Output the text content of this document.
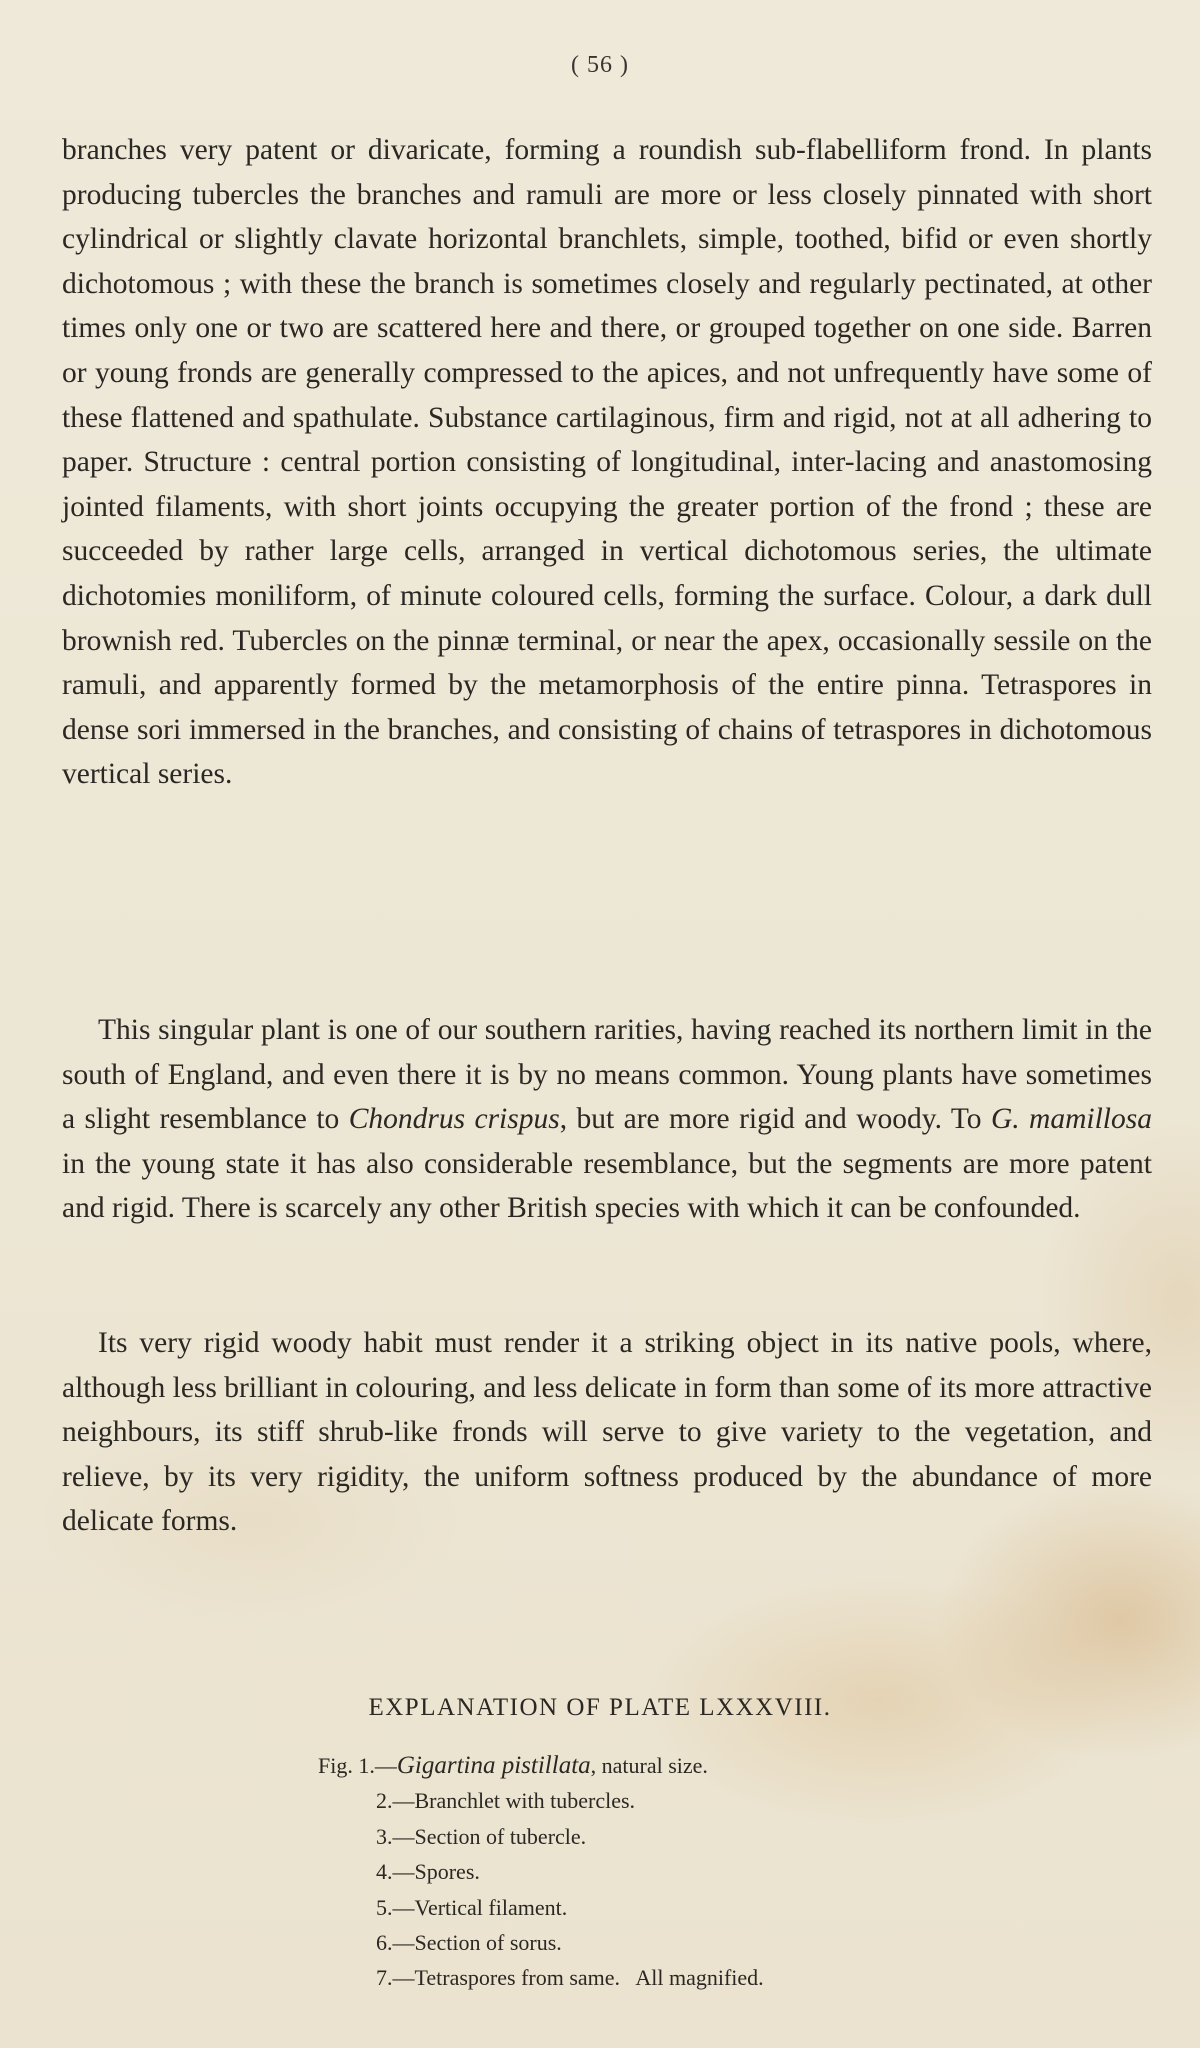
( 56 )

branches very patent or divaricate, forming a roundish sub-flabelliform frond. In plants producing tubercles the branches and ramuli are more or less closely pinnated with short cylindrical or slightly clavate horizontal branchlets, simple, toothed, bifid or even shortly dichotomous ; with these the branch is sometimes closely and regularly pectinated, at other times only one or two are scattered here and there, or grouped together on one side. Barren or young fronds are generally compressed to the apices, and not unfrequently have some of these flattened and spathulate. Substance cartilaginous, firm and rigid, not at all adhering to paper. Structure : central portion consisting of longitudinal, inter-lacing and anastomosing jointed filaments, with short joints occupying the greater portion of the frond ; these are succeeded by rather large cells, arranged in vertical dichotomous series, the ultimate dichotomies moniliform, of minute coloured cells, forming the surface. Colour, a dark dull brownish red. Tubercles on the pinnæ terminal, or near the apex, occasionally sessile on the ramuli, and apparently formed by the metamorphosis of the entire pinna. Tetraspores in dense sori immersed in the branches, and consisting of chains of tetraspores in dichotomous vertical series.

This singular plant is one of our southern rarities, having reached its northern limit in the south of England, and even there it is by no means common. Young plants have sometimes a slight resemblance to Chondrus crispus, but are more rigid and woody. To G. mamillosa in the young state it has also considerable resemblance, but the segments are more patent and rigid. There is scarcely any other British species with which it can be confounded.

Its very rigid woody habit must render it a striking object in its native pools, where, although less brilliant in colouring, and less delicate in form than some of its more attractive neighbours, its stiff shrub-like fronds will serve to give variety to the vegetation, and relieve, by its very rigidity, the uniform softness produced by the abundance of more delicate forms.

EXPLANATION OF PLATE LXXXVIII.
Fig. 1.—Gigartina pistillata, natural size.
2.—Branchlet with tubercles.
3.—Section of tubercle.
4.—Spores.
5.—Vertical filament.
6.—Section of sorus.
7.—Tetraspores from same.   All magnified.
